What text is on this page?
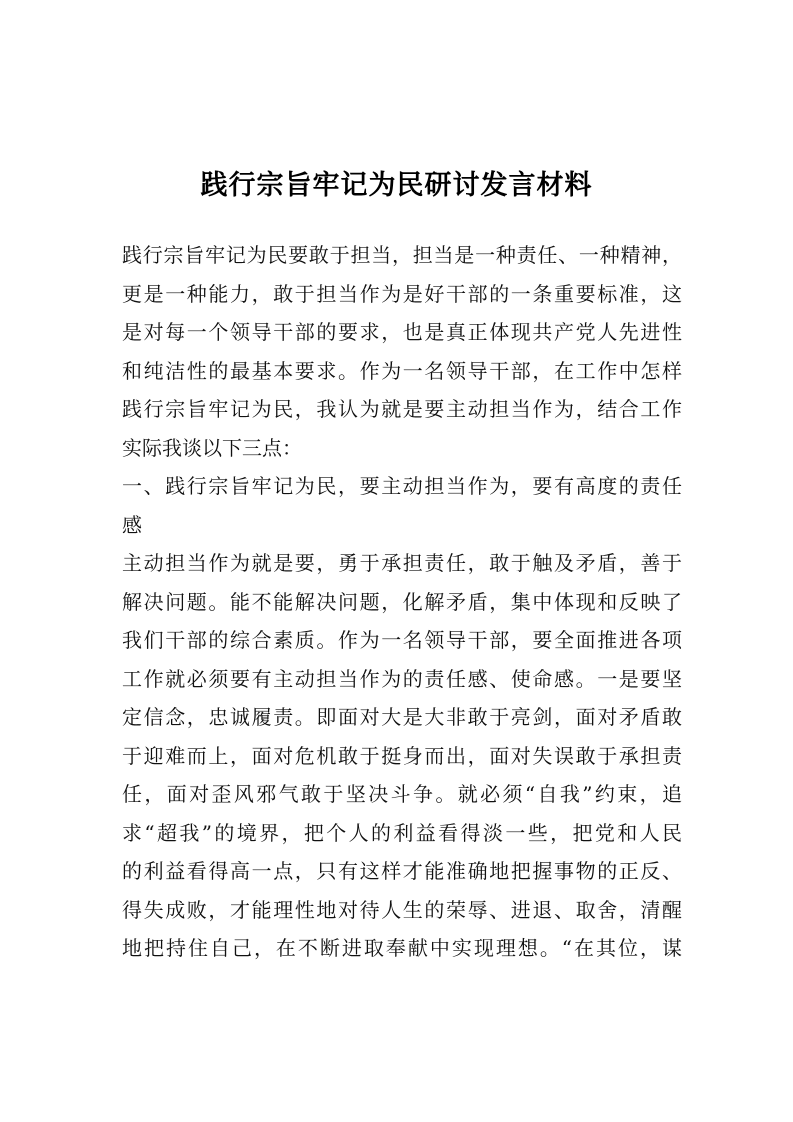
践行宗旨牢记为民研讨发言材料
践行宗旨牢记为民要敢于担当，担当是一种责任、一种精神，
更是一种能力，敢于担当作为是好干部的一条重要标准，这
是对每一个领导干部的要求，也是真正体现共产党人先进性
和纯洁性的最基本要求。作为一名领导干部，在工作中怎样
践行宗旨牢记为民，我认为就是要主动担当作为，结合工作
实际我谈以下三点：
一、践行宗旨牢记为民，要主动担当作为，要有高度的责任
感
主动担当作为就是要，勇于承担责任，敢于触及矛盾，善于
解决问题。能不能解决问题，化解矛盾，集中体现和反映了
我们干部的综合素质。作为一名领导干部，要全面推进各项
工作就必须要有主动担当作为的责任感、使命感。一是要坚
定信念，忠诚履责。即面对大是大非敢于亮剑，面对矛盾敢
于迎难而上，面对危机敢于挺身而出，面对失误敢于承担责
任，面对歪风邪气敢于坚决斗争。就必须“自我”约束，追
求“超我”的境界，把个人的利益看得淡一些，把党和人民
的利益看得高一点，只有这样才能准确地把握事物的正反、
得失成败，才能理性地对待人生的荣辱、进退、取舍，清醒
地把持住自己，在不断进取奉献中实现理想。“在其位，谋
